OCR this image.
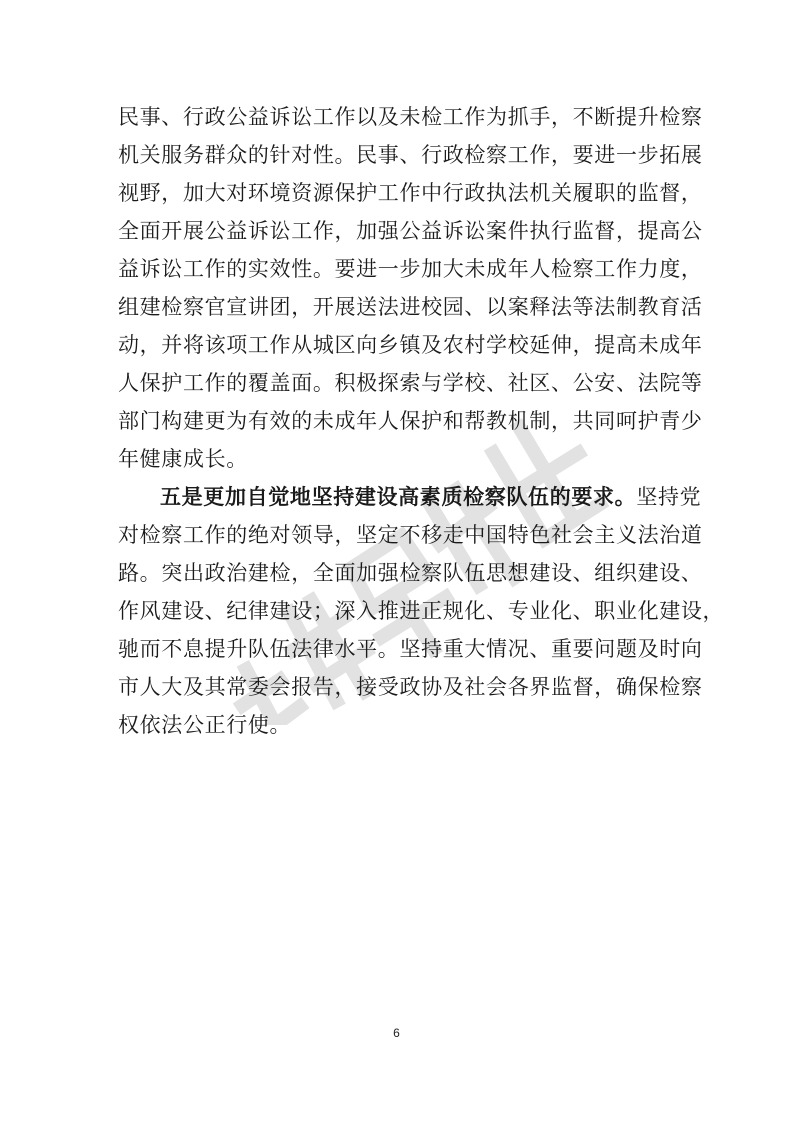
民事、行政公益诉讼工作以及未检工作为抓手，不断提升检察
机关服务群众的针对性。民事、行政检察工作，要进一步拓展
视野，加大对环境资源保护工作中行政执法机关履职的监督，
全面开展公益诉讼工作，加强公益诉讼案件执行监督，提高公
益诉讼工作的实效性。要进一步加大未成年人检察工作力度，
组建检察官宣讲团，开展送法进校园、以案释法等法制教育活
动，并将该项工作从城区向乡镇及农村学校延伸，提高未成年
人保护工作的覆盖面。积极探索与学校、社区、公安、法院等
部门构建更为有效的未成年人保护和帮教机制，共同呵护青少
年健康成长。
五是更加自觉地坚持建设高素质检察队伍的要求。坚持党
对检察工作的绝对领导，坚定不移走中国特色社会主义法治道
路。突出政治建检，全面加强检察队伍思想建设、组织建设、
作风建设、纪律建设；深入推进正规化、专业化、职业化建设，
驰而不息提升队伍法律水平。坚持重大情况、重要问题及时向
市人大及其常委会报告，接受政协及社会各界监督，确保检察
权依法公正行使。
6
